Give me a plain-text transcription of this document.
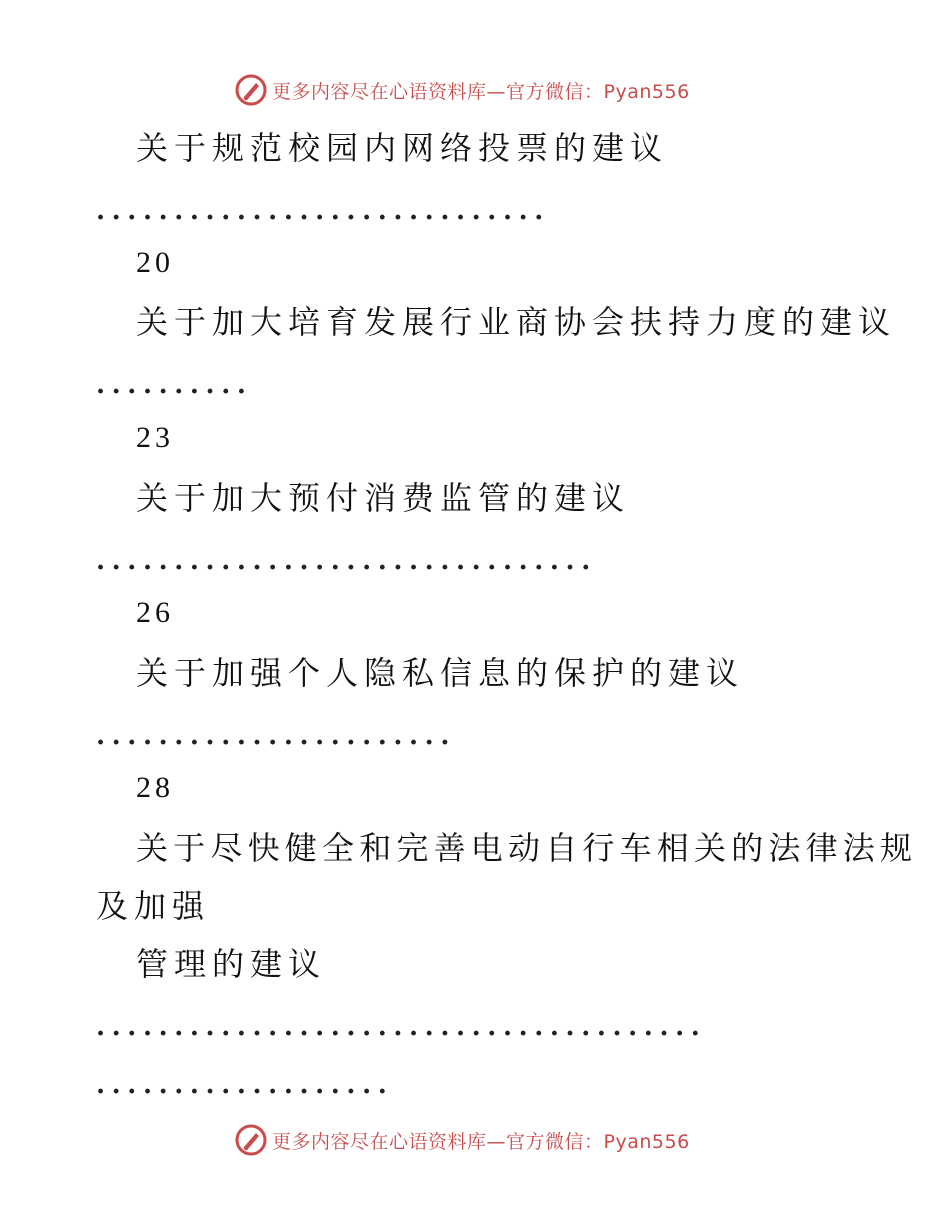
更多内容尽在心语资料库—官方微信：Pyan556
关于规范校园内网络投票的建议
.............................
20
关于加大培育发展行业商协会扶持力度的建议
..........
23
关于加大预付消费监管的建议
................................
26
关于加强个人隐私信息的保护的建议
.......................
28
关于尽快健全和完善电动自行车相关的法律法规
及加强
管理的建议
.......................................
...................
更多内容尽在心语资料库—官方微信：Pyan556
